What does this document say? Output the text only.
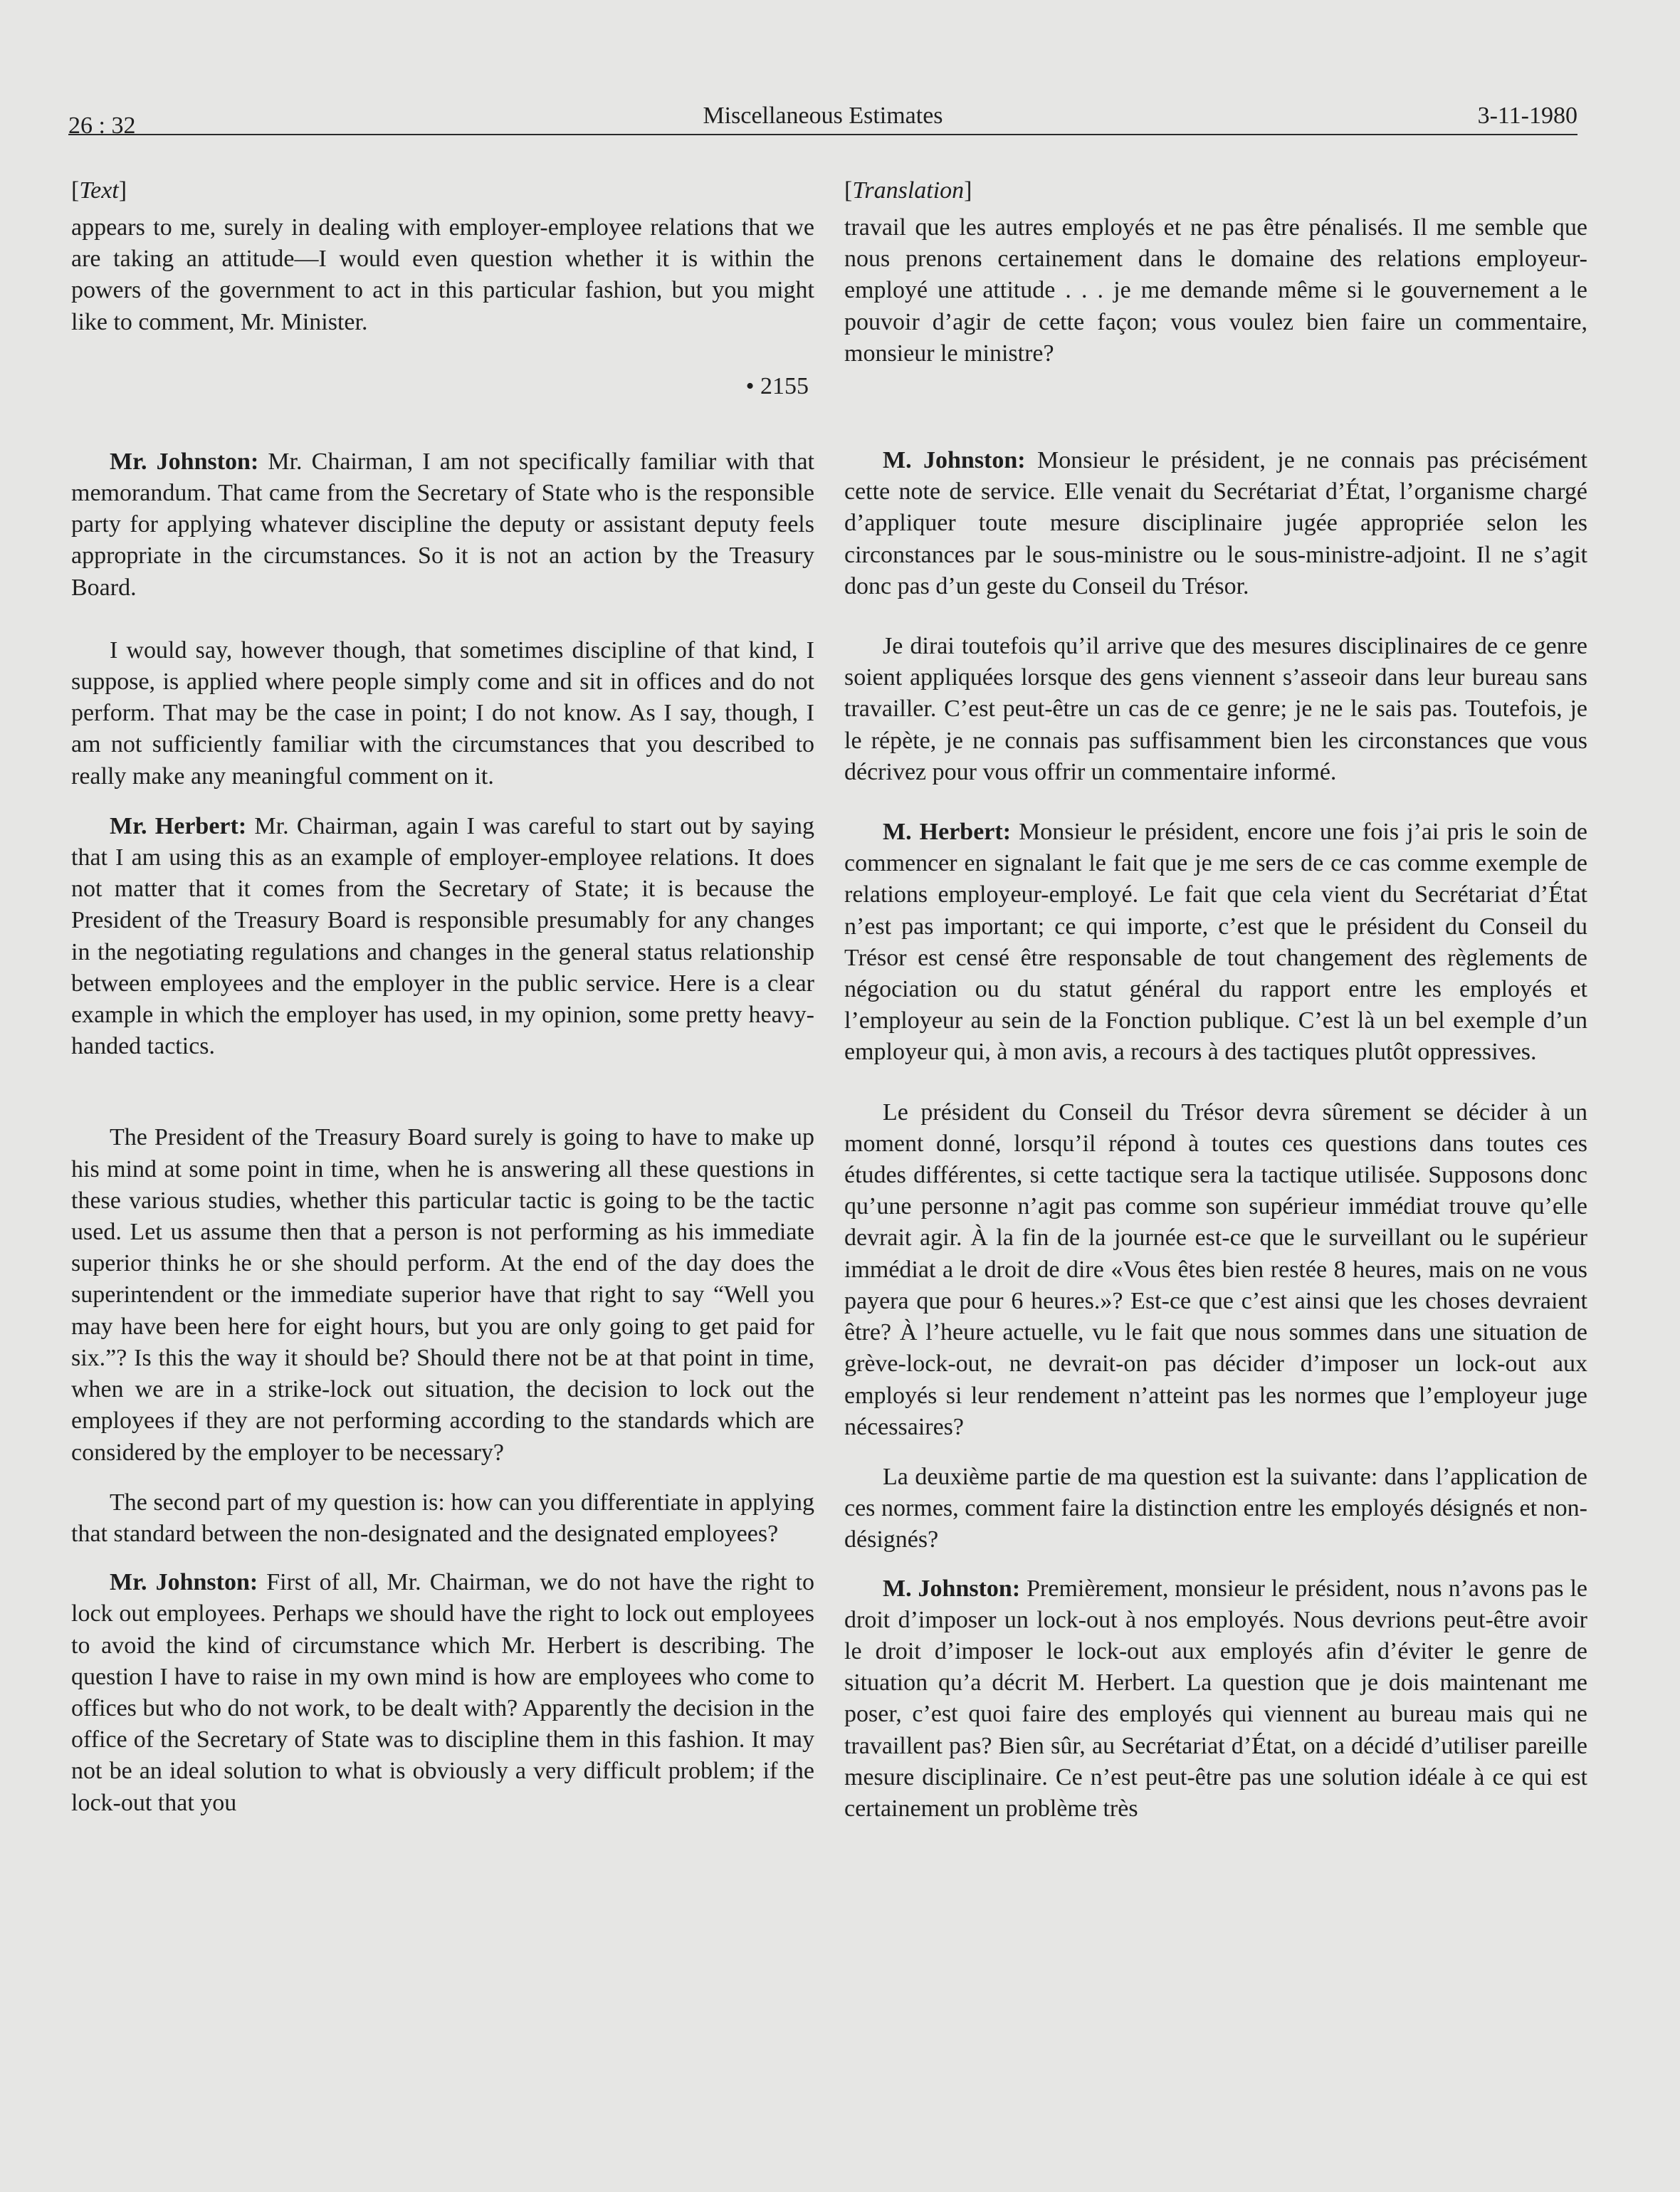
26 : 32	Miscellaneous Estimates	3-11-1980
[Text]

appears to me, surely in dealing with employer-employee relations that we are taking an attitude—I would even question whether it is within the powers of the government to act in this particular fashion, but you might like to comment, Mr. Minister.

• 2155

Mr. Johnston: Mr. Chairman, I am not specifically familiar with that memorandum. That came from the Secretary of State who is the responsible party for applying whatever discipline the deputy or assistant deputy feels appropriate in the circumstances. So it is not an action by the Treasury Board.

I would say, however though, that sometimes discipline of that kind, I suppose, is applied where people simply come and sit in offices and do not perform. That may be the case in point; I do not know. As I say, though, I am not sufficiently familiar with the circumstances that you described to really make any meaningful comment on it.

Mr. Herbert: Mr. Chairman, again I was careful to start out by saying that I am using this as an example of employer-employee relations. It does not matter that it comes from the Secretary of State; it is because the President of the Treasury Board is responsible presumably for any changes in the negotiating regulations and changes in the general status relationship between employees and the employer in the public service. Here is a clear example in which the employer has used, in my opinion, some pretty heavy-handed tactics.

The President of the Treasury Board surely is going to have to make up his mind at some point in time, when he is answering all these questions in these various studies, whether this particular tactic is going to be the tactic used. Let us assume then that a person is not performing as his immediate superior thinks he or she should perform. At the end of the day does the superintendent or the immediate superior have that right to say “Well you may have been here for eight hours, but you are only going to get paid for six.”? Is this the way it should be? Should there not be at that point in time, when we are in a strike-lock out situation, the decision to lock out the employees if they are not performing according to the standards which are considered by the employer to be necessary?

The second part of my question is: how can you differentiate in applying that standard between the non-designated and the designated employees?

Mr. Johnston: First of all, Mr. Chairman, we do not have the right to lock out employees. Perhaps we should have the right to lock out employees to avoid the kind of circumstance which Mr. Herbert is describing. The question I have to raise in my own mind is how are employees who come to offices but who do not work, to be dealt with? Apparently the decision in the office of the Secretary of State was to discipline them in this fashion. It may not be an ideal solution to what is obviously a very difficult problem; if the lock-out that you

[Translation]

travail que les autres employés et ne pas être pénalisés. Il me semble que nous prenons certainement dans le domaine des relations employeur-employé une attitude . . . je me demande même si le gouvernement a le pouvoir d’agir de cette façon; vous voulez bien faire un commentaire, monsieur le ministre?

M. Johnston: Monsieur le président, je ne connais pas précisément cette note de service. Elle venait du Secrétariat d’État, l’organisme chargé d’appliquer toute mesure disciplinaire jugée appropriée selon les circonstances par le sous-ministre ou le sous-ministre-adjoint. Il ne s’agit donc pas d’un geste du Conseil du Trésor.

Je dirai toutefois qu’il arrive que des mesures disciplinaires de ce genre soient appliquées lorsque des gens viennent s’asseoir dans leur bureau sans travailler. C’est peut-être un cas de ce genre; je ne le sais pas. Toutefois, je le répète, je ne connais pas suffisamment bien les circonstances que vous décrivez pour vous offrir un commentaire informé.

M. Herbert: Monsieur le président, encore une fois j’ai pris le soin de commencer en signalant le fait que je me sers de ce cas comme exemple de relations employeur-employé. Le fait que cela vient du Secrétariat d’État n’est pas important; ce qui importe, c’est que le président du Conseil du Trésor est censé être responsable de tout changement des règlements de négociation ou du statut général du rapport entre les employés et l’employeur au sein de la Fonction publique. C’est là un bel exemple d’un employeur qui, à mon avis, a recours à des tactiques plutôt oppressives.

Le président du Conseil du Trésor devra sûrement se décider à un moment donné, lorsqu’il répond à toutes ces questions dans toutes ces études différentes, si cette tactique sera la tactique utilisée. Supposons donc qu’une personne n’agit pas comme son supérieur immédiat trouve qu’elle devrait agir. À la fin de la journée est-ce que le surveillant ou le supérieur immédiat a le droit de dire «Vous êtes bien restée 8 heures, mais on ne vous payera que pour 6 heures.»? Est-ce que c’est ainsi que les choses devraient être? À l’heure actuelle, vu le fait que nous sommes dans une situation de grève-lock-out, ne devrait-on pas décider d’imposer un lock-out aux employés si leur rendement n’atteint pas les normes que l’employeur juge nécessaires?

La deuxième partie de ma question est la suivante: dans l’application de ces normes, comment faire la distinction entre les employés désignés et non-désignés?

M. Johnston: Premièrement, monsieur le président, nous n’avons pas le droit d’imposer un lock-out à nos employés. Nous devrions peut-être avoir le droit d’imposer le lock-out aux employés afin d’éviter le genre de situation qu’a décrit M. Herbert. La question que je dois maintenant me poser, c’est quoi faire des employés qui viennent au bureau mais qui ne travaillent pas? Bien sûr, au Secrétariat d’État, on a décidé d’utiliser pareille mesure disciplinaire. Ce n’est peut-être pas une solution idéale à ce qui est certainement un problème très
